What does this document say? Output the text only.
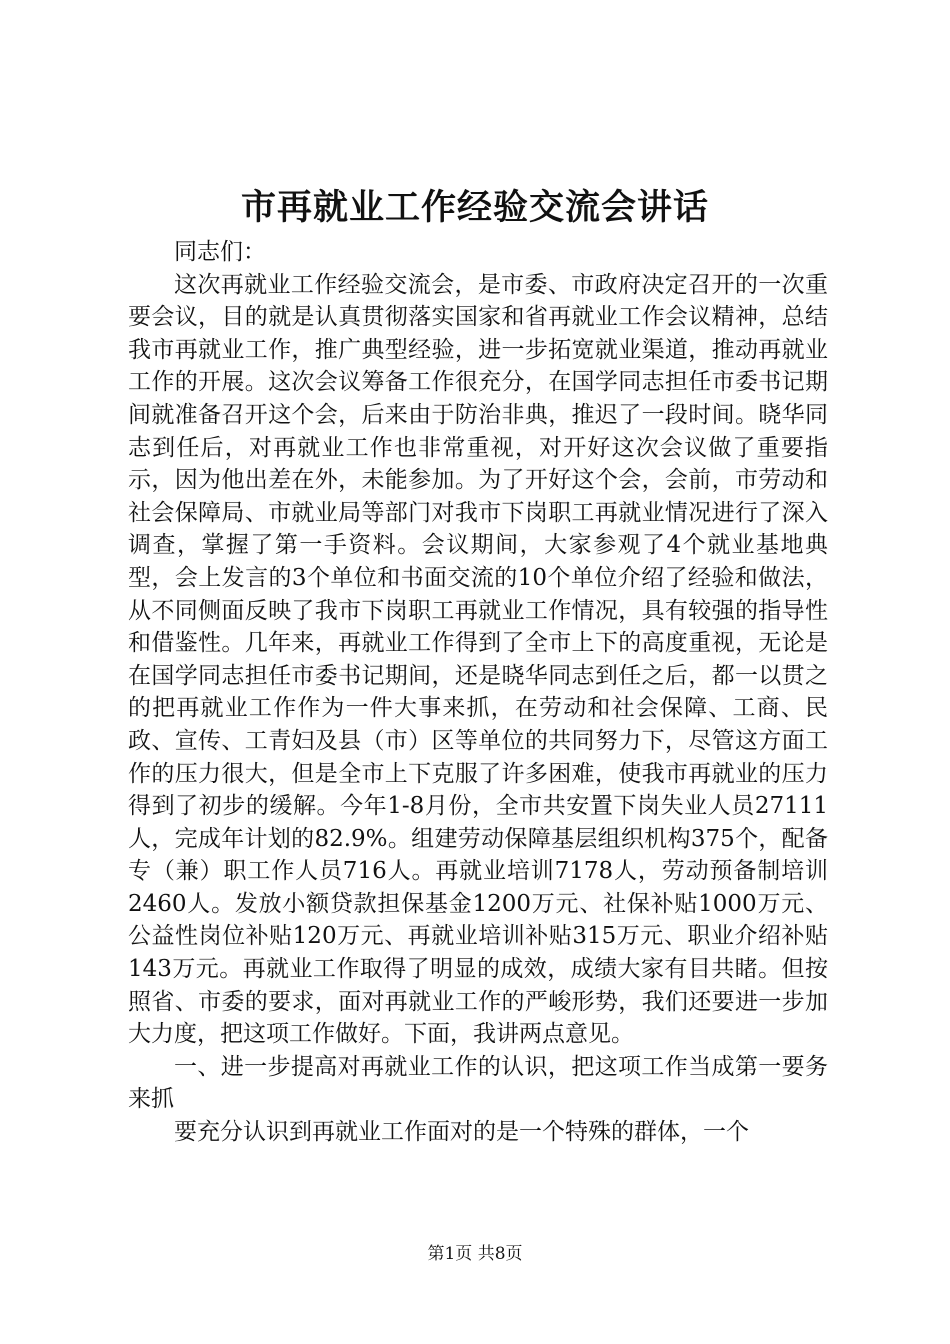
市再就业工作经验交流会讲话

同志们：

这次再就业工作经验交流会，是市委、市政府决定召开的一次重要会议，目的就是认真贯彻落实国家和省再就业工作会议精神，总结我市再就业工作，推广典型经验，进一步拓宽就业渠道，推动再就业工作的开展。这次会议筹备工作很充分，在国学同志担任市委书记期间就准备召开这个会，后来由于防治非典，推迟了一段时间。晓华同志到任后，对再就业工作也非常重视，对开好这次会议做了重要指示，因为他出差在外，未能参加。为了开好这个会，会前，市劳动和社会保障局、市就业局等部门对我市下岗职工再就业情况进行了深入调查，掌握了第一手资料。会议期间，大家参观了4个就业基地典型，会上发言的3个单位和书面交流的10个单位介绍了经验和做法，从不同侧面反映了我市下岗职工再就业工作情况，具有较强的指导性和借鉴性。几年来，再就业工作得到了全市上下的高度重视，无论是在国学同志担任市委书记期间，还是晓华同志到任之后，都一以贯之的把再就业工作作为一件大事来抓，在劳动和社会保障、工商、民政、宣传、工青妇及县（市）区等单位的共同努力下，尽管这方面工作的压力很大，但是全市上下克服了许多困难，使我市再就业的压力得到了初步的缓解。今年1-8月份，全市共安置下岗失业人员27111人，完成年计划的82.9%。组建劳动保障基层组织机构375个，配备专（兼）职工作人员716人。再就业培训7178人，劳动预备制培训2460人。发放小额贷款担保基金1200万元、社保补贴1000万元、公益性岗位补贴120万元、再就业培训补贴315万元、职业介绍补贴143万元。再就业工作取得了明显的成效，成绩大家有目共睹。但按照省、市委的要求，面对再就业工作的严峻形势，我们还要进一步加大力度，把这项工作做好。下面，我讲两点意见。

一、进一步提高对再就业工作的认识，把这项工作当成第一要务来抓

要充分认识到再就业工作面对的是一个特殊的群体，一个

第1页 共8页
